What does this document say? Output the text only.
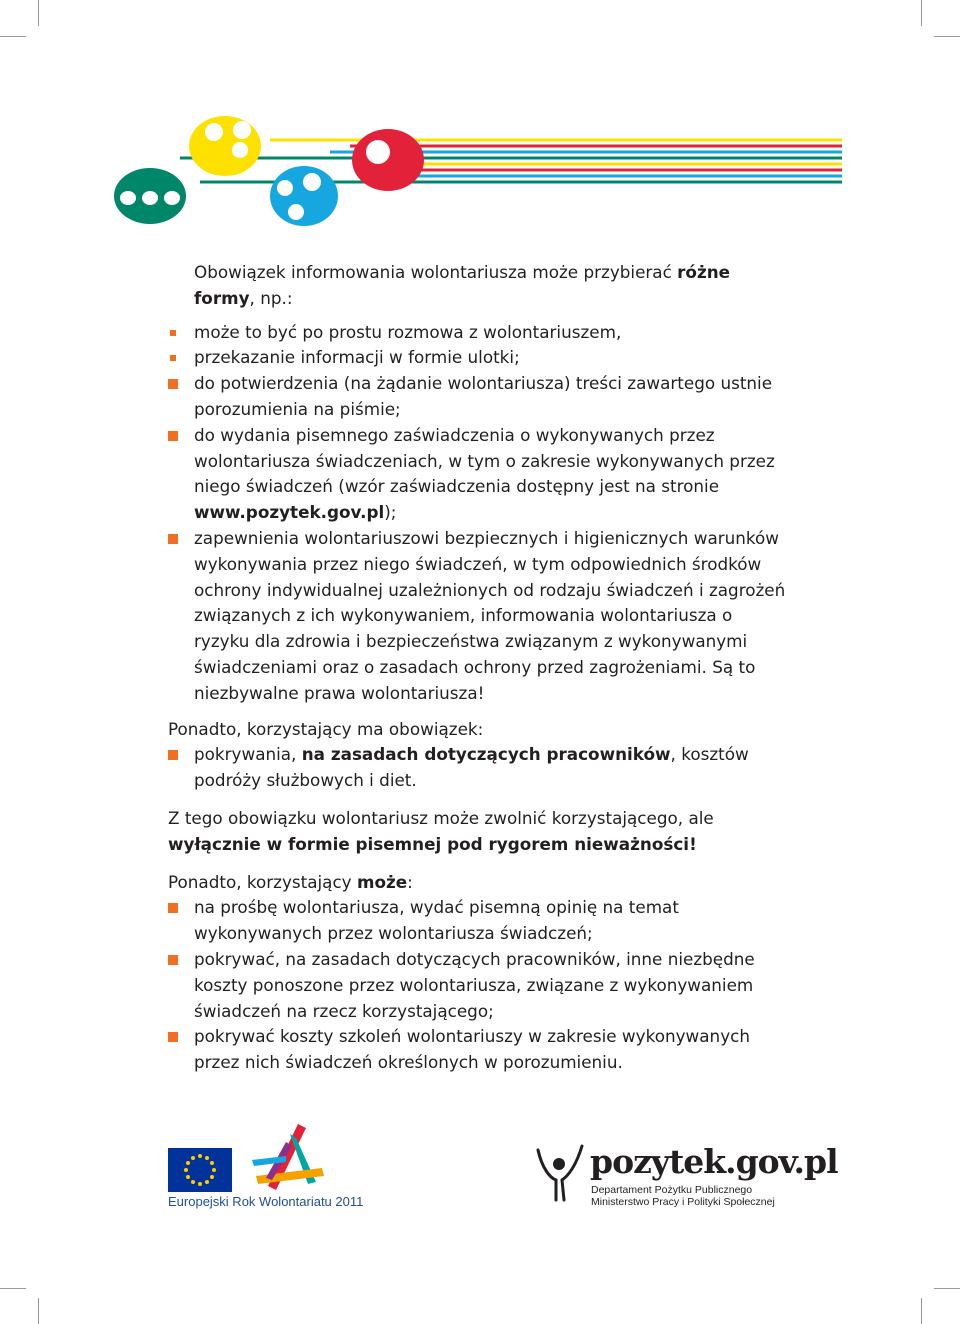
Obowiązek informowania wolontariusza może przybierać różne formy, np.:

może to być po prostu rozmowa z wolontariuszem,

przekazanie informacji w formie ulotki;

do potwierdzenia (na żądanie wolontariusza) treści zawartego ustnie porozumienia na piśmie;

do wydania pisemnego zaświadczenia o wykonywanych przez wolontariusza świadczeniach, w tym o zakresie wykonywanych przez niego świadczeń (wzór zaświadczenia dostępny jest na stronie www.pozytek.gov.pl);

zapewnienia wolontariuszowi bezpiecznych i higienicznych warunków wykonywania przez niego świadczeń, w tym odpowiednich środków ochrony indywidualnej uzależnionych od rodzaju świadczeń i zagrożeń związanych z ich wykonywaniem, informowania wolontariusza o ryzyku dla zdrowia i bezpieczeństwa związanym z wykonywanymi świadczeniami oraz o zasadach ochrony przed zagrożeniami. Są to niezbywalne prawa wolontariusza!

Ponadto, korzystający ma obowiązek:

pokrywania, na zasadach dotyczących pracowników, kosztów podróży służbowych i diet.

Z tego obowiązku wolontariusz może zwolnić korzystającego, ale wyłącznie w formie pisemnej pod rygorem nieważności!

Ponadto, korzystający może:

na prośbę wolontariusza, wydać pisemną opinię na temat wykonywanych przez wolontariusza świadczeń;

pokrywać, na zasadach dotyczących pracowników, inne niezbędne koszty ponoszone przez wolontariusza, związane z wykonywaniem świadczeń na rzecz korzystającego;

pokrywać koszty szkoleń wolontariuszy w zakresie wykonywanych przez nich świadczeń określonych w porozumieniu.

Europejski Rok Wolontariatu 2011
pozytek.gov.pl
Departament Pożytku Publicznego
Ministerstwo Pracy i Polityki Społecznej
